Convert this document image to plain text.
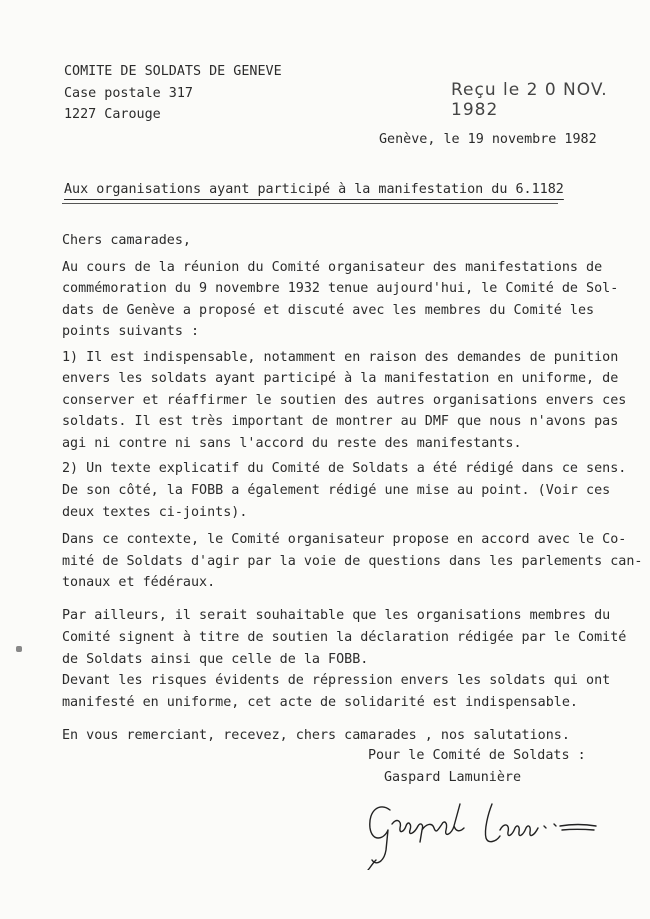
COMITE DE SOLDATS DE GENEVE
Case postale 317
1227 Carouge
Reçu le 2 0 NOV. 1982
Genève, le 19 novembre 1982
Aux organisations ayant participé à la manifestation du 6.1182
Chers camarades,
Au cours de la réunion du Comité organisateur des manifestations de
commémoration du 9 novembre 1932 tenue aujourd'hui, le Comité de Sol-
dats de Genève a proposé et discuté avec les membres du Comité les
points suivants :
1) Il est indispensable, notamment en raison des demandes de punition
envers les soldats ayant participé à la manifestation en uniforme, de
conserver et réaffirmer le soutien des autres organisations envers ces
soldats. Il est très important de montrer au DMF que nous n'avons pas
agi ni contre ni sans l'accord du reste des manifestants.
2) Un texte explicatif du Comité de Soldats a été rédigé dans ce sens.
De son côté, la FOBB a également rédigé une mise au point. (Voir ces
deux textes ci-joints).
Dans ce contexte, le Comité organisateur propose en accord avec le Co-
mité de Soldats d'agir par la voie de questions dans les parlements can-
tonaux et fédéraux.
Par ailleurs, il serait souhaitable que les organisations membres du
Comité signent à titre de soutien la déclaration rédigée par le Comité
de Soldats ainsi que celle de la FOBB.
Devant les risques évidents de répression envers les soldats qui ont
manifesté en uniforme, cet acte de solidarité est indispensable.
En vous remerciant, recevez, chers camarades , nos salutations.
Pour le Comité de Soldats :
Gaspard Lamunière
